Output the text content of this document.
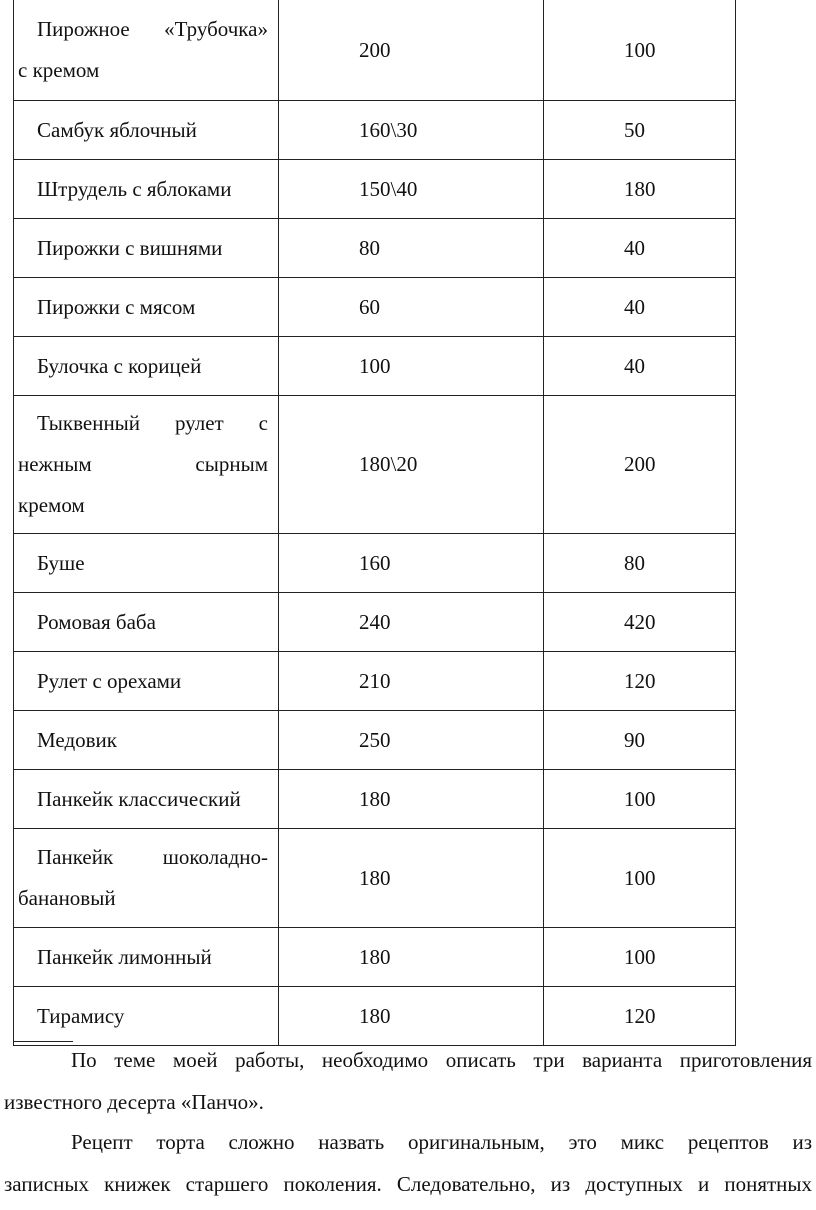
Пирожное «Трубочка»
с кремом	200	100

Самбук яблочный	160\30	50

Штрудель с яблоками	150\40	180

Пирожки с вишнями	80	40

Пирожки с мясом	60	40

Булочка с корицей	100	40

Тыквенный рулет с
нежным сырным
кремом	180\20	200

Буше	160	80

Ромовая баба	240	420

Рулет с орехами	210	120

Медовик	250	90

Панкейк классический	180	100

Панкейк шоколадно-
банановый	180	100

Панкейк лимонный	180	100

Тирамису	180	120

По теме моей работы, необходимо описать три варианта приготовления
известного десерта «Панчо».

Рецепт торта сложно назвать оригинальным, это микс рецептов из
записных книжек старшего поколения. Следовательно, из доступных и понятных
